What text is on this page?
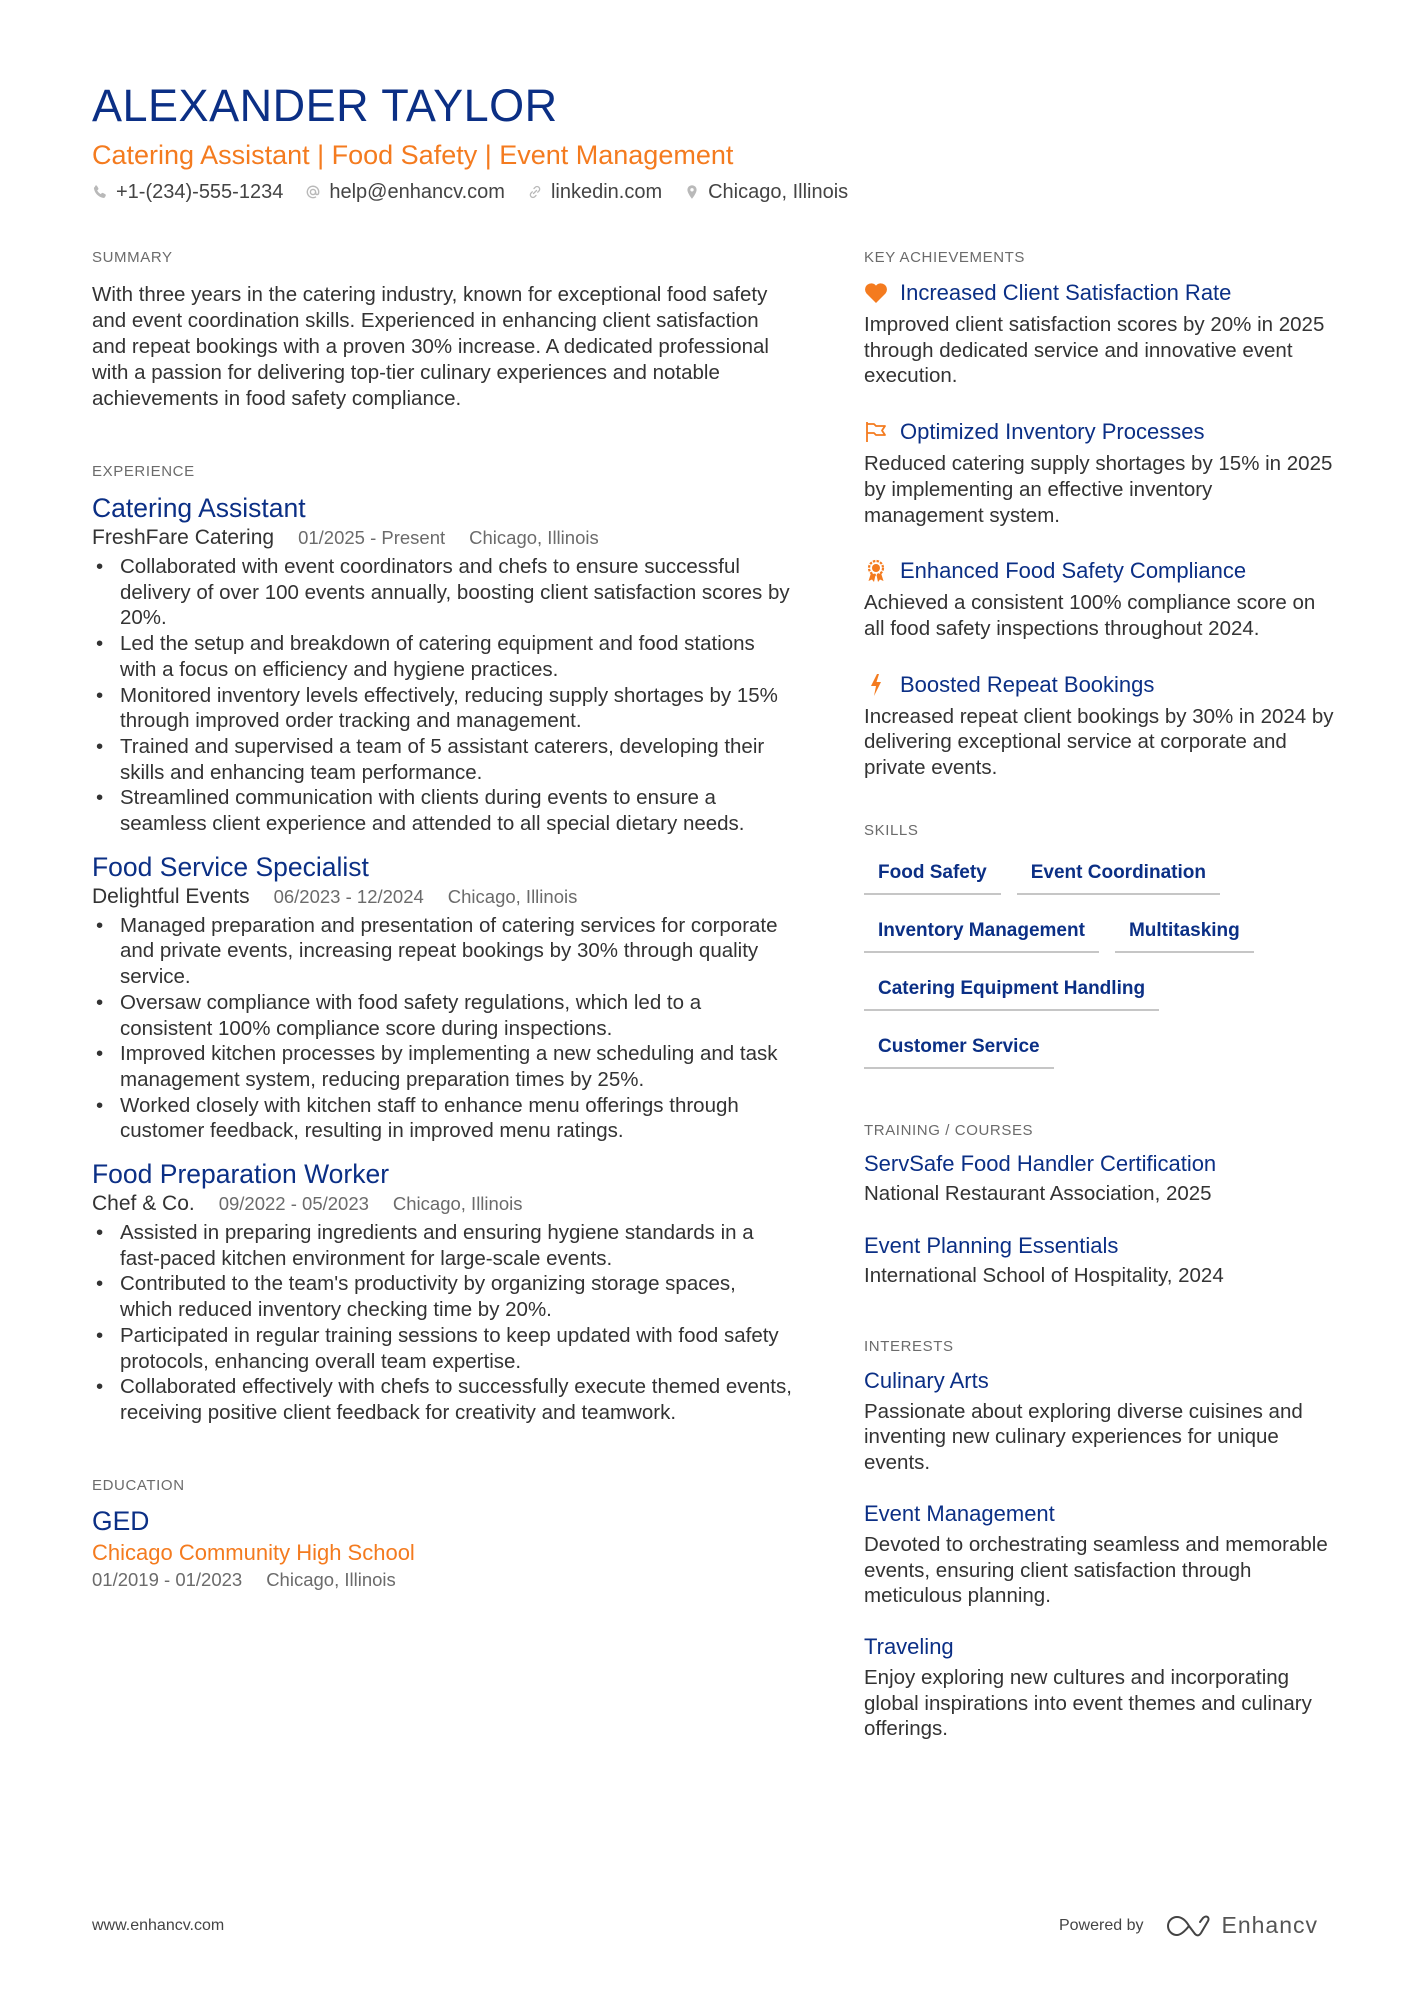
ALEXANDER TAYLOR
Catering Assistant | Food Safety | Event Management
+1-(234)-555-1234 help@enhancv.com linkedin.com Chicago, Illinois
SUMMARY

With three years in the catering industry, known for exceptional food safety and event coordination skills. Experienced in enhancing client satisfaction and repeat bookings with a proven 30% increase. A dedicated professional with a passion for delivering top-tier culinary experiences and notable achievements in food safety compliance.

EXPERIENCE
Catering Assistant
FreshFare Catering 01/2025 - Present Chicago, Illinois
• Collaborated with event coordinators and chefs to ensure successful delivery of over 100 events annually, boosting client satisfaction scores by 20%.
• Led the setup and breakdown of catering equipment and food stations with a focus on efficiency and hygiene practices.
• Monitored inventory levels effectively, reducing supply shortages by 15% through improved order tracking and management.
• Trained and supervised a team of 5 assistant caterers, developing their skills and enhancing team performance.
• Streamlined communication with clients during events to ensure a seamless client experience and attended to all special dietary needs.
Food Service Specialist
Delightful Events 06/2023 - 12/2024 Chicago, Illinois
• Managed preparation and presentation of catering services for corporate and private events, increasing repeat bookings by 30% through quality service.
• Oversaw compliance with food safety regulations, which led to a consistent 100% compliance score during inspections.
• Improved kitchen processes by implementing a new scheduling and task management system, reducing preparation times by 25%.
• Worked closely with kitchen staff to enhance menu offerings through customer feedback, resulting in improved menu ratings.
Food Preparation Worker
Chef & Co. 09/2022 - 05/2023 Chicago, Illinois
• Assisted in preparing ingredients and ensuring hygiene standards in a fast-paced kitchen environment for large-scale events.
• Contributed to the team's productivity by organizing storage spaces, which reduced inventory checking time by 20%.
• Participated in regular training sessions to keep updated with food safety protocols, enhancing overall team expertise.
• Collaborated effectively with chefs to successfully execute themed events, receiving positive client feedback for creativity and teamwork.
EDUCATION
GED
Chicago Community High School
01/2019 - 01/2023 Chicago, Illinois
KEY ACHIEVEMENTS
Increased Client Satisfaction Rate

Improved client satisfaction scores by 20% in 2025 through dedicated service and innovative event execution.

Optimized Inventory Processes

Reduced catering supply shortages by 15% in 2025 by implementing an effective inventory management system.

Enhanced Food Safety Compliance

Achieved a consistent 100% compliance score on all food safety inspections throughout 2024.

Boosted Repeat Bookings

Increased repeat client bookings by 30% in 2024 by delivering exceptional service at corporate and private events.

SKILLS
Food Safety	Event Coordination
Inventory Management	Multitasking
Catering Equipment Handling
Customer Service
TRAINING / COURSES
ServSafe Food Handler Certification
National Restaurant Association, 2025
Event Planning Essentials
International School of Hospitality, 2024
INTERESTS
Culinary Arts

Passionate about exploring diverse cuisines and inventing new culinary experiences for unique events.

Event Management

Devoted to orchestrating seamless and memorable events, ensuring client satisfaction through meticulous planning.

Traveling

Enjoy exploring new cultures and incorporating global inspirations into event themes and culinary offerings.

www.enhancv.com	Powered by	Enhancv
